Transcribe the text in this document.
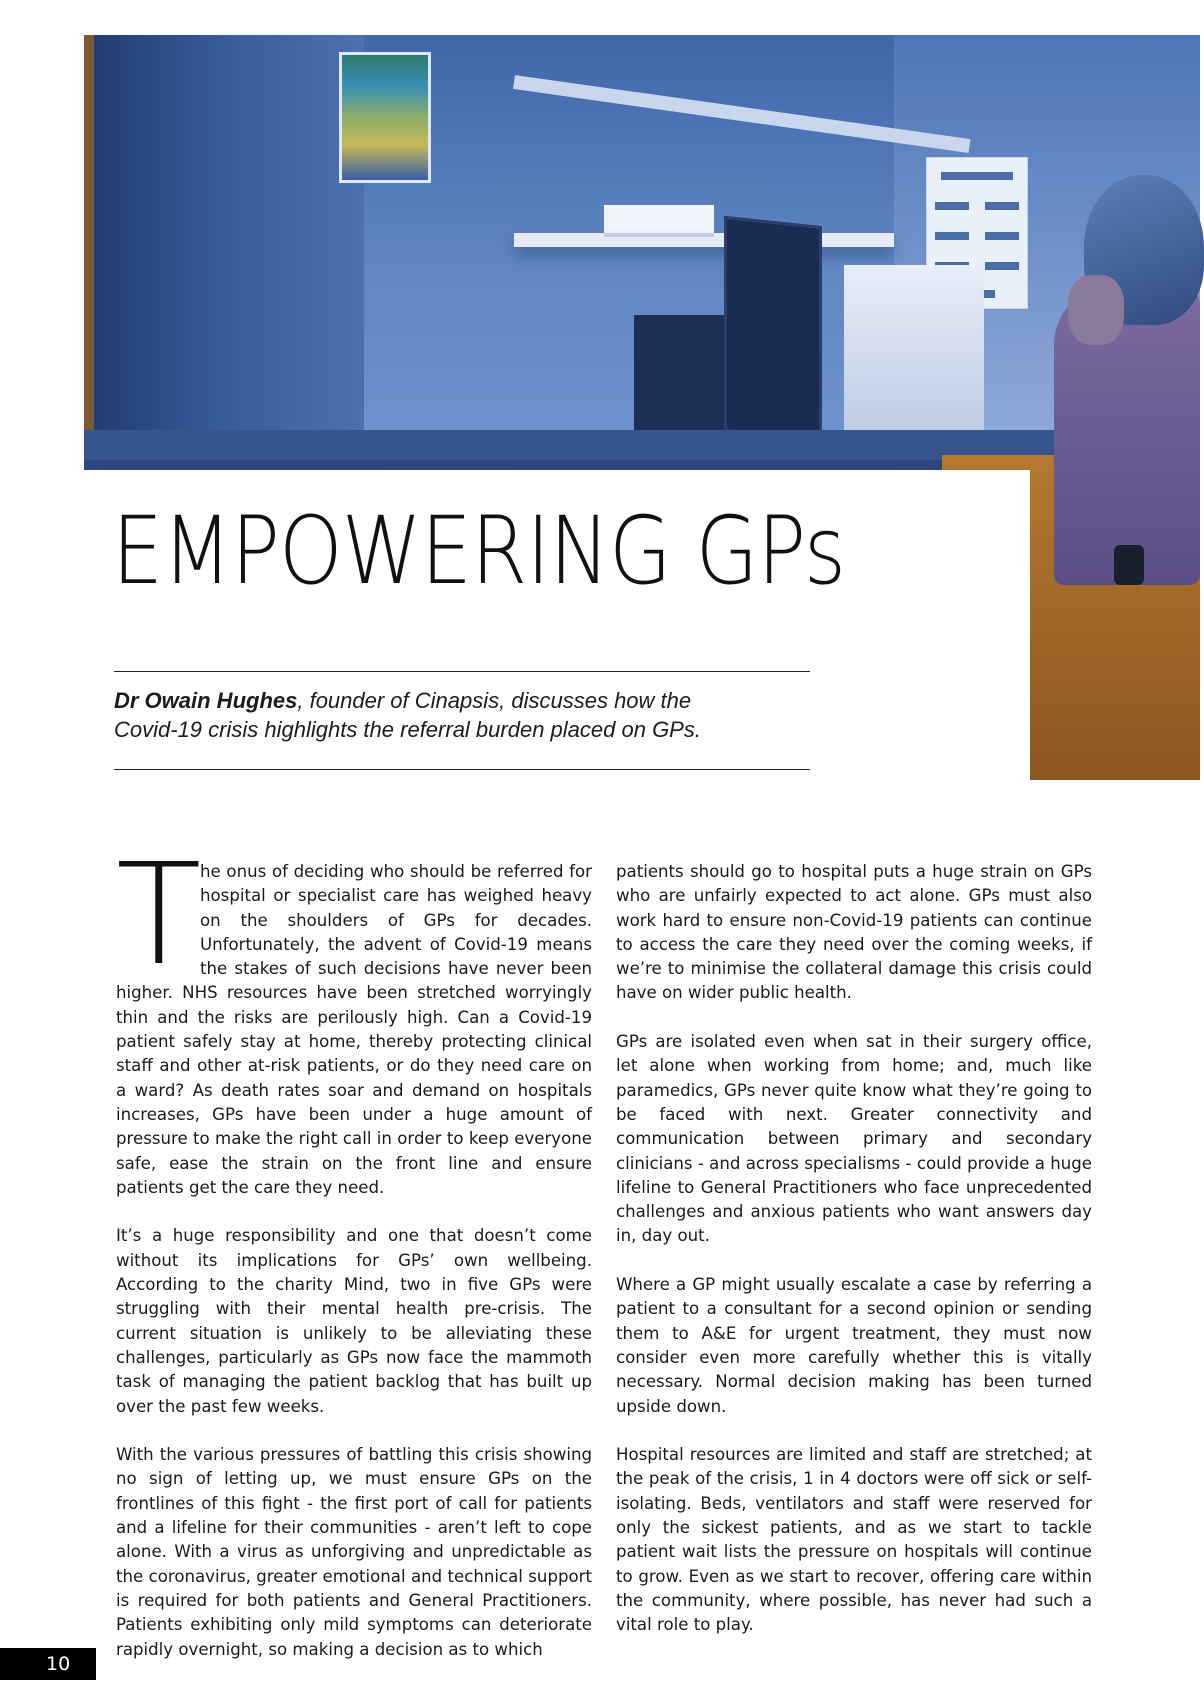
EMPOWERING GPs

Dr Owain Hughes, founder of Cinapsis, discusses how the
Covid-19 crisis highlights the referral burden placed on GPs.

T
he onus of deciding who should be referred for hospital or specialist care has weighed heavy on the shoulders of GPs for decades. Unfortunately, the advent of Covid-19 means the stakes of such decisions have never been higher. NHS resources have been stretched worryingly thin and the risks are perilously high. Can a Covid-19 patient safely stay at home, thereby protecting clinical staff and other at-risk patients, or do they need care on a ward? As death rates soar and demand on hospitals increases, GPs have been under a huge amount of pressure to make the right call in order to keep everyone safe, ease the strain on the front line and ensure patients get the care they need.

It’s a huge responsibility and one that doesn’t come without its implications for GPs’ own wellbeing. According to the charity Mind, two in five GPs were struggling with their mental health pre-crisis. The current situation is unlikely to be alleviating these challenges, particularly as GPs now face the mammoth task of managing the patient backlog that has built up over the past few weeks.

With the various pressures of battling this crisis showing no sign of letting up, we must ensure GPs on the frontlines of this fight - the first port of call for patients and a lifeline for their communities - aren’t left to cope alone. With a virus as unforgiving and unpredictable as the coronavirus, greater emotional and technical support is required for both patients and General Practitioners. Patients exhibiting only mild symptoms can deteriorate rapidly overnight, so making a decision as to which

patients should go to hospital puts a huge strain on GPs who are unfairly expected to act alone. GPs must also work hard to ensure non-Covid-19 patients can continue to access the care they need over the coming weeks, if we’re to minimise the collateral damage this crisis could have on wider public health.

GPs are isolated even when sat in their surgery office, let alone when working from home; and, much like paramedics, GPs never quite know what they’re going to be faced with next. Greater connectivity and communication between primary and secondary clinicians - and across specialisms - could provide a huge lifeline to General Practitioners who face unprecedented challenges and anxious patients who want answers day in, day out.

Where a GP might usually escalate a case by referring a patient to a consultant for a second opinion or sending them to A&E for urgent treatment, they must now consider even more carefully whether this is vitally necessary. Normal decision making has been turned upside down.

Hospital resources are limited and staff are stretched; at the peak of the crisis, 1 in 4 doctors were off sick or self-isolating. Beds, ventilators and staff were reserved for only the sickest patients, and as we start to tackle patient wait lists the pressure on hospitals will continue to grow. Even as we start to recover, offering care within the community, where possible, has never had such a vital role to play.

10
